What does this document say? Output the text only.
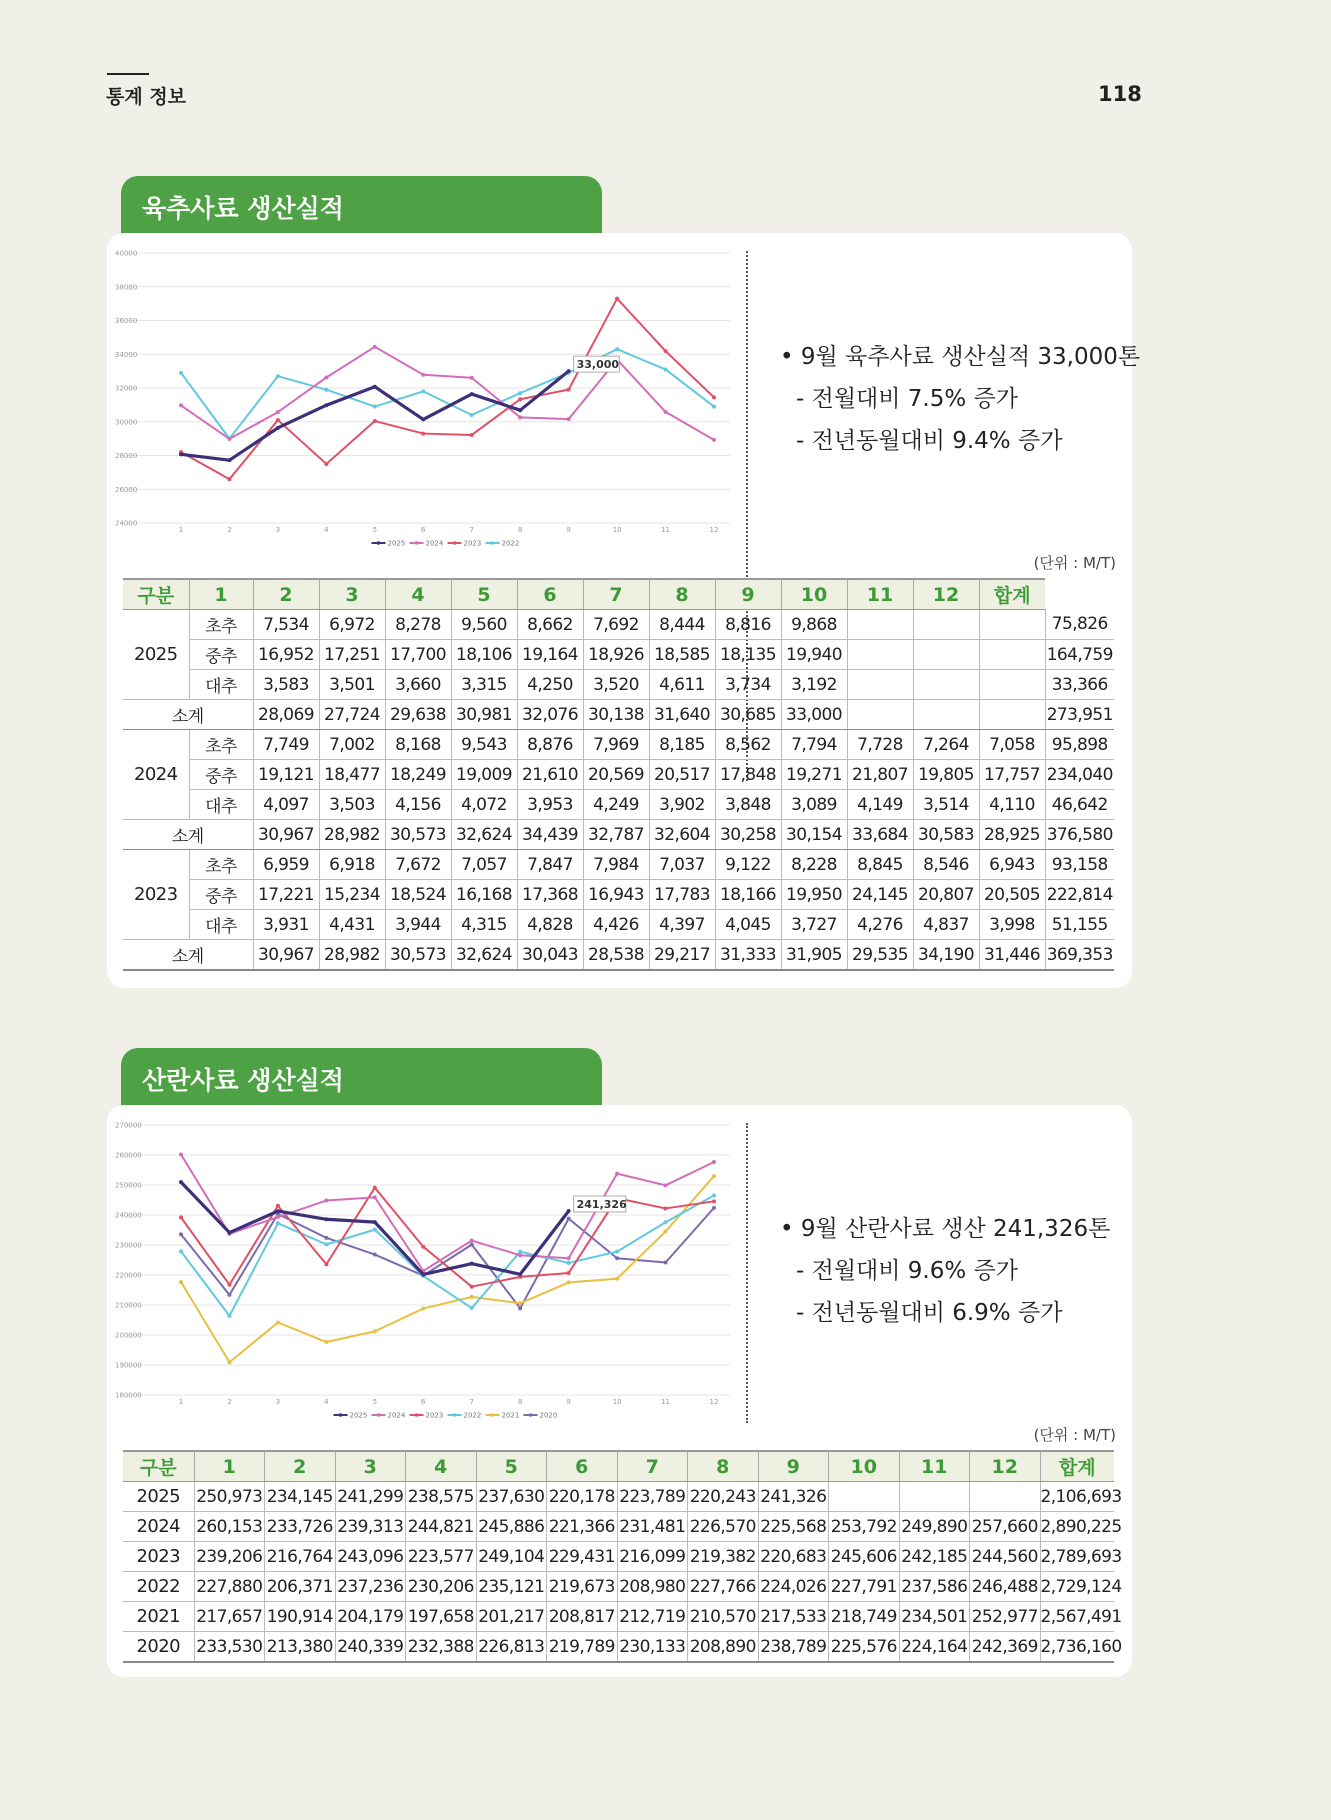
통계 정보	118
육추사료 생산실적
24000
26000
28000
30000
32000
34000
36000
38000
40000
1	2	3	4	5	6	7	8	9	10	11	12
33,000
2025	2024	2023	2022
• 9월 육추사료 생산실적 33,000톤
- 전월대비 7.5% 증가
- 전년동월대비 9.4% 증가
(단위 : M/T)
구분	1	2	3	4	5	6	7	8	9	10	11	12	합계	
2025	초추	7,534	6,972	8,278	9,560	8,662	7,692	8,444	8,816	9,868				75,826
	중추	16,952	17,251	17,700	18,106	19,164	18,926	18,585	18,135	19,940				164,759
	대추	3,583	3,501	3,660	3,315	4,250	3,520	4,611	3,734	3,192				33,366
소계		28,069	27,724	29,638	30,981	32,076	30,138	31,640	30,685	33,000				273,951
2024	초추	7,749	7,002	8,168	9,543	8,876	7,969	8,185	8,562	7,794	7,728	7,264	7,058	95,898
	중추	19,121	18,477	18,249	19,009	21,610	20,569	20,517	17,848	19,271	21,807	19,805	17,757	234,040
	대추	4,097	3,503	4,156	4,072	3,953	4,249	3,902	3,848	3,089	4,149	3,514	4,110	46,642
소계		30,967	28,982	30,573	32,624	34,439	32,787	32,604	30,258	30,154	33,684	30,583	28,925	376,580
2023	초추	6,959	6,918	7,672	7,057	7,847	7,984	7,037	9,122	8,228	8,845	8,546	6,943	93,158
	중추	17,221	15,234	18,524	16,168	17,368	16,943	17,783	18,166	19,950	24,145	20,807	20,505	222,814
	대추	3,931	4,431	3,944	4,315	4,828	4,426	4,397	4,045	3,727	4,276	4,837	3,998	51,155
소계		30,967	28,982	30,573	32,624	30,043	28,538	29,217	31,333	31,905	29,535	34,190	31,446	369,353
산란사료 생산실적
180000
190000
200000
210000
220000
230000
240000
250000
260000
270000
1	2	3	4	5	6	7	8	9	10	11	12
241,326
2025	2024	2023	2022	2021	2020
• 9월 산란사료 생산 241,326톤
- 전월대비 9.6% 증가
- 전년동월대비 6.9% 증가
(단위 : M/T)
구분	1	2	3	4	5	6	7	8	9	10	11	12	합계
2025	250,973	234,145	241,299	238,575	237,630	220,178	223,789	220,243	241,326				2,106,693
2024	260,153	233,726	239,313	244,821	245,886	221,366	231,481	226,570	225,568	253,792	249,890	257,660	2,890,225
2023	239,206	216,764	243,096	223,577	249,104	229,431	216,099	219,382	220,683	245,606	242,185	244,560	2,789,693
2022	227,880	206,371	237,236	230,206	235,121	219,673	208,980	227,766	224,026	227,791	237,586	246,488	2,729,124
2021	217,657	190,914	204,179	197,658	201,217	208,817	212,719	210,570	217,533	218,749	234,501	252,977	2,567,491
2020	233,530	213,380	240,339	232,388	226,813	219,789	230,133	208,890	238,789	225,576	224,164	242,369	2,736,160
